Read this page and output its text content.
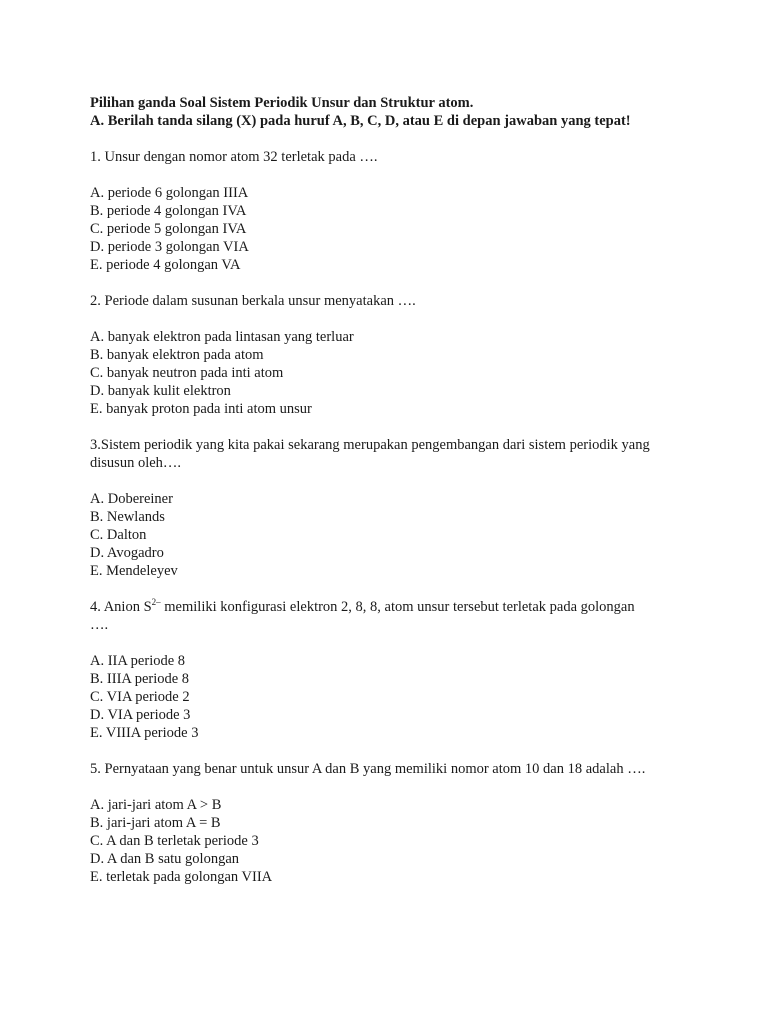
Pilihan ganda Soal Sistem Periodik Unsur dan Struktur atom.

A. Berilah tanda silang (X) pada huruf A, B, C, D, atau E di depan jawaban yang tepat!

1. Unsur dengan nomor atom 32 terletak pada ….

A. periode 6 golongan IIIA
B. periode 4 golongan IVA
C. periode 5 golongan IVA
D. periode 3 golongan VIA
E. periode 4 golongan VA

2. Periode dalam susunan berkala unsur menyatakan ….

A. banyak elektron pada lintasan yang terluar
B. banyak elektron pada atom
C. banyak neutron pada inti atom
D. banyak kulit elektron
E. banyak proton pada inti atom unsur

3.Sistem periodik yang kita pakai sekarang merupakan pengembangan dari sistem periodik yang

disusun oleh….

A. Dobereiner
B. Newlands
C. Dalton
D. Avogadro
E. Mendeleyev

4. Anion $S^{2-}$ memiliki konfigurasi elektron 2, 8, 8, atom unsur tersebut terletak pada golongan

….

A. IIA periode 8
B. IIIA periode 8
C. VIA periode 2
D. VIA periode 3
E. VIIIA periode 3

5. Pernyataan yang benar untuk unsur A dan B yang memiliki nomor atom 10 dan 18 adalah ….

A. jari-jari atom A > B
B. jari-jari atom A = B
C. A dan B terletak periode 3
D. A dan B satu golongan
E. terletak pada golongan VIIA
